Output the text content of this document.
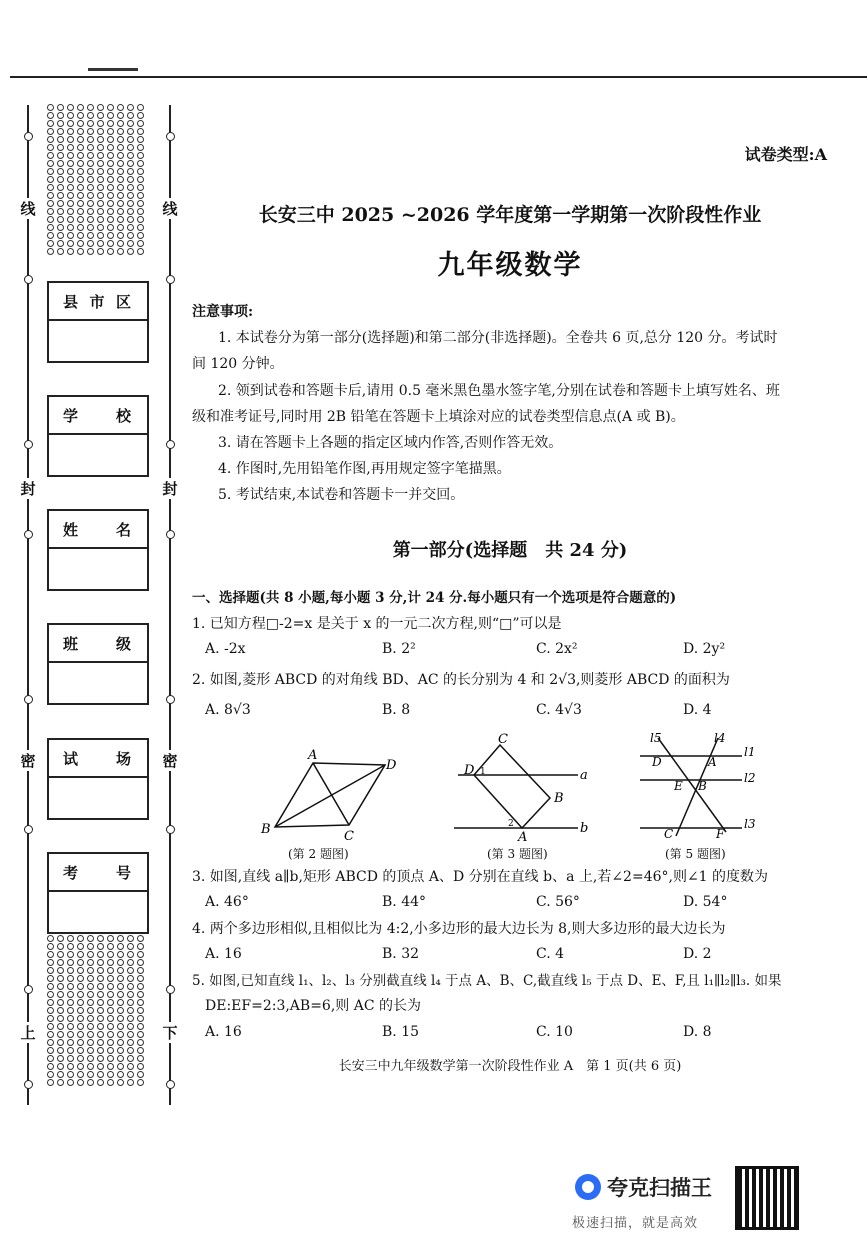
线
封
密
上
线
封
密
下
县 市 区
学 校
姓 名
班 级
试 场
考 号
试卷类型:A
长安三中 2025 ~2026 学年度第一学期第一次阶段性作业
九年级数学
注意事项:
1. 本试卷分为第一部分(选择题)和第二部分(非选择题)。全卷共 6 页,总分 120 分。考试时
间 120 分钟。
2. 领到试卷和答题卡后,请用 0.5 毫米黑色墨水签字笔,分别在试卷和答题卡上填写姓名、班
级和准考证号,同时用 2B 铅笔在答题卡上填涂对应的试卷类型信息点(A 或 B)。
3. 请在答题卡上各题的指定区域内作答,否则作答无效。
4. 作图时,先用铅笔作图,再用规定签字笔描黑。
5. 考试结束,本试卷和答题卡一并交回。
第一部分(选择题　共 24 分)
一、选择题(共 8 小题,每小题 3 分,计 24 分.每小题只有一个选项是符合题意的)
1. 已知方程□-2=x 是关于 x 的一元二次方程,则“□”可以是
A. -2x	B. 2²	C. 2x²	D. 2y²
2. 如图,菱形 ABCD 的对角线 BD、AC 的长分别为 4 和 2√3,则菱形 ABCD 的面积为
A. 8√3	B. 8	C. 4√3	D. 4
A
B	C
D
(第 2 题图)
C
D 1	a
B
2
A
b
(第 3 题图)
l5	l4
l1
D	A
l2
E B
C	F
l3
(第 5 题图)
3. 如图,直线 a∥b,矩形 ABCD 的顶点 A、D 分别在直线 b、a 上,若∠2=46°,则∠1 的度数为
A. 46°	B. 44°	C. 56°	D. 54°
4. 两个多边形相似,且相似比为 4:2,小多边形的最大边长为 8,则大多边形的最大边长为
A. 16	B. 32	C. 4	D. 2
5. 如图,已知直线 l₁、l₂、l₃ 分别截直线 l₄ 于点 A、B、C,截直线 l₅ 于点 D、E、F,且 l₁∥l₂∥l₃. 如果
DE:EF=2:3,AB=6,则 AC 的长为
A. 16	B. 15	C. 10	D. 8
长安三中九年级数学第一次阶段性作业 A　第 1 页(共 6 页)
夸克扫描王
极速扫描，就是高效
